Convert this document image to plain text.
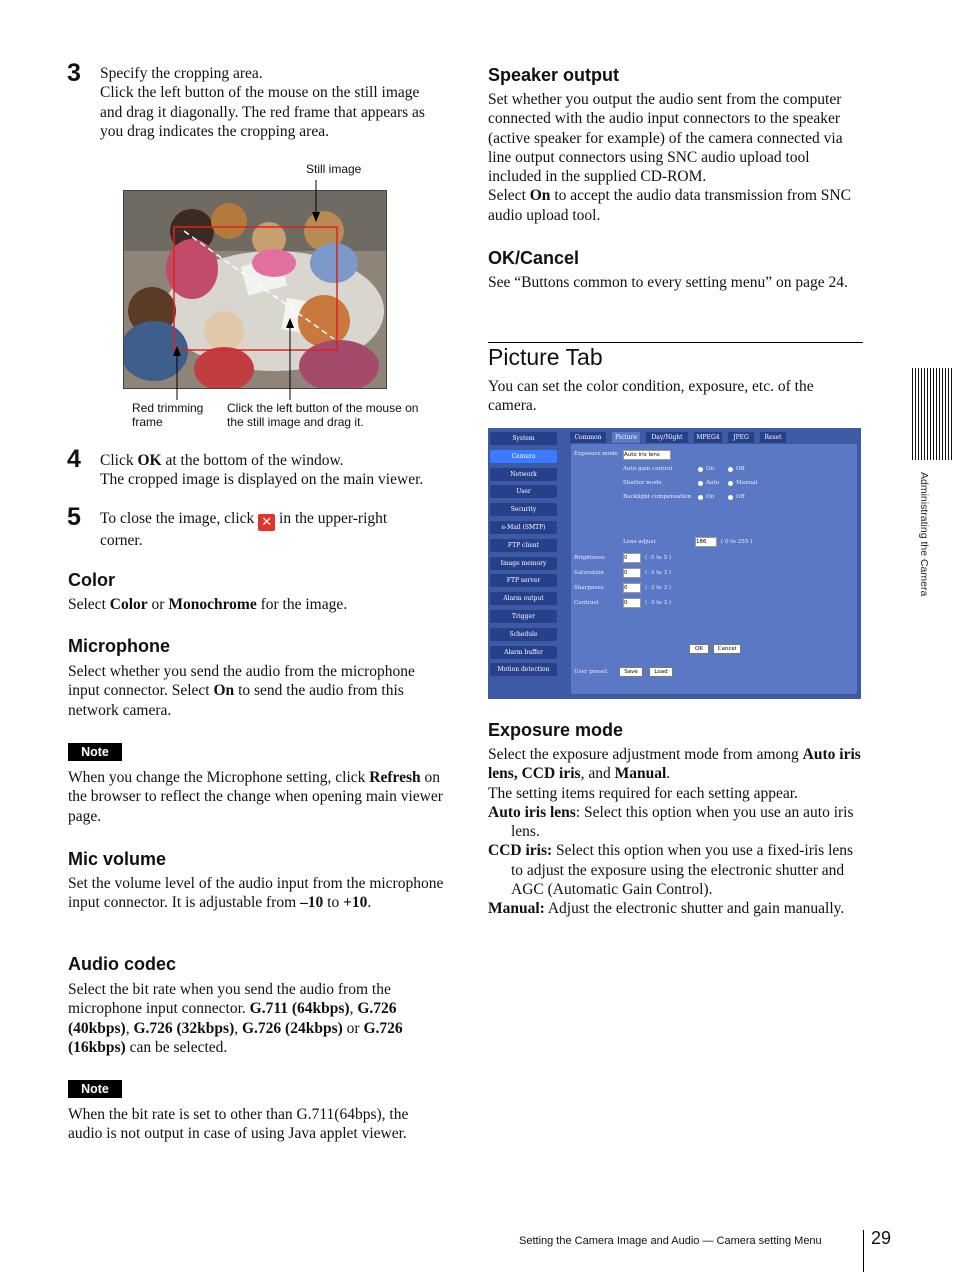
3 Specify the cropping area.
Click the left button of the mouse on the still image and drag it diagonally. The red frame that appears as you drag indicates the cropping area.

Still image
Red trimming frame
Click the left button of the mouse on the still image and drag it.
4 Click OK at the bottom of the window.
The cropped image is displayed on the main viewer.

5 To close the image, click ✕ in the upper-right corner.

Color

Select Color or Monochrome for the image.

Microphone

Select whether you send the audio from the microphone input connector. Select On to send the audio from this network camera.

Note

When you change the Microphone setting, click Refresh on the browser to reflect the change when opening main viewer page.

Mic volume

Set the volume level of the audio input from the microphone input connector. It is adjustable from –10 to +10.

Audio codec

Select the bit rate when you send the audio from the microphone input connector. G.711 (64kbps), G.726 (40kbps), G.726 (32kbps), G.726 (24kbps) or G.726 (16kbps) can be selected.

Note

When the bit rate is set to other than G.711(64bps), the audio is not output in case of using Java applet viewer.

Speaker output

Set whether you output the audio sent from the computer connected with the audio input connectors to the speaker (active speaker for example) of the camera connected via line output connectors using SNC audio upload tool included in the supplied CD-ROM.
Select On to accept the audio data transmission from SNC audio upload tool.

OK/Cancel

See “Buttons common to every setting menu” on page 24.

Picture Tab

You can set the color condition, exposure, etc. of the camera.

Exposure mode Auto iris lens
Auto gain control	On	Off
Shutter mode	Auto	Manual
Backlight compensation	On	Off
Lens adjust	186	( 0 to 255 )
Brightness	0	( -5 to 5 )
Saturation	0	( -3 to 3 )
Sharpness	0	( -3 to 3 )
Contrast	0	( -3 to 3 )
OK	Cancel
User preset	Save	Load
System
Camera
Network
User
Security
e-Mail (SMTP)
FTP client
Image memory
FTP server
Alarm output
Trigger
Schedule
Alarm buffer
Motion detection
Common	Picture	Day/Night	MPEG4	JPEG	Reset
Exposure mode
Select the exposure adjustment mode from among Auto iris lens, CCD iris, and Manual.
The setting items required for each setting appear.
Auto iris lens: Select this option when you use an auto iris lens.
CCD iris: Select this option when you use a fixed-iris lens to adjust the exposure using the electronic shutter and AGC (Automatic Gain Control).
Manual: Adjust the electronic shutter and gain manually.
Administrating the Camera
Setting the Camera Image and Audio — Camera setting Menu	29
